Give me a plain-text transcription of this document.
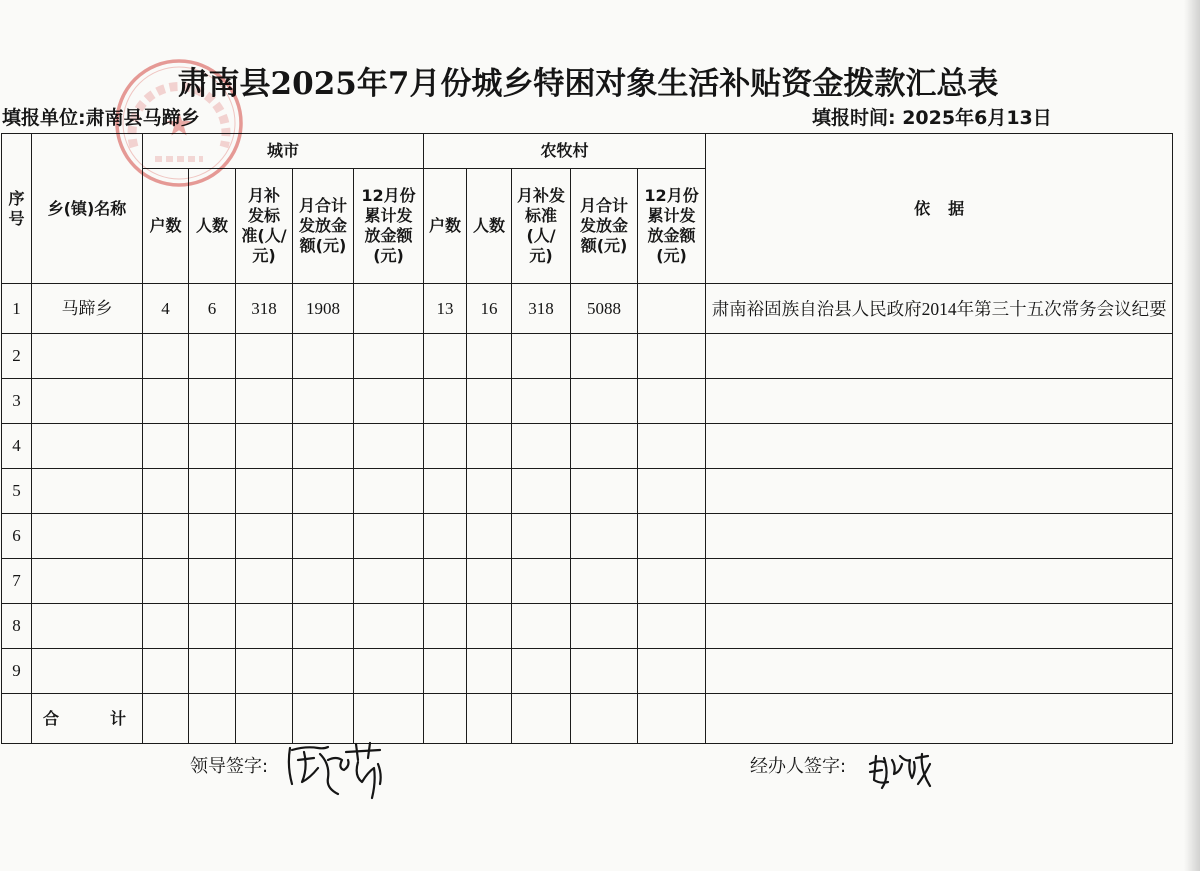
肃南县2025年7月份城乡特困对象生活补贴资金拨款汇总表
填报单位:肃南县马蹄乡	填报时间: 2025年6月13日
序号	乡(镇)名称	城市					农牧村					依据
		户数	人数	月补发标准(人/元)	月合计发放金额(元)	12月份累计发放金额(元)	户数	人数	月补发标准(人/元)	月合计发放金额(元)	12月份累计发放金额(元)	

1	马蹄乡	4	6	318	1908		13	16	318	5088		肃南裕固族自治县人民政府2014年第三十五次常务会议纪要
2												
3												
4												
5												
6												
7												
8												
9												

	合计											

领导签字:	经办人签字:
